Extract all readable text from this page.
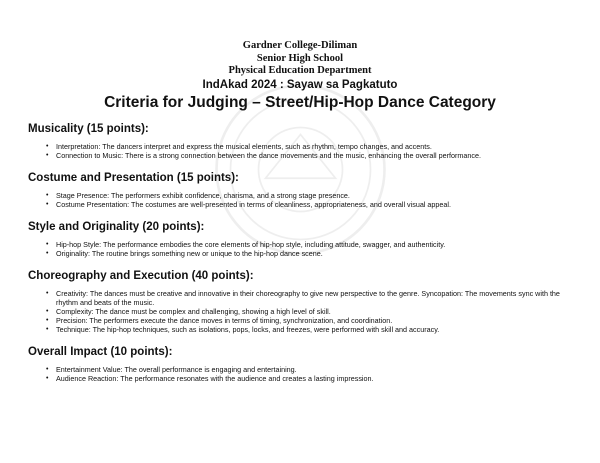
Gardner College-Diliman
Senior High School
Physical Education Department
IndAkad 2024 : Sayaw sa Pagkatuto
Criteria for Judging – Street/Hip-Hop Dance Category
Musicality (15 points):
• Interpretation: The dancers interpret and express the musical elements, such as rhythm, tempo changes, and accents.
• Connection to Music: There is a strong connection between the dance movements and the music, enhancing the overall performance.
Costume and Presentation (15 points):
• Stage Presence: The performers exhibit confidence, charisma, and a strong stage presence.
• Costume Presentation: The costumes are well-presented in terms of cleanliness, appropriateness, and overall visual appeal.
Style and Originality (20 points):
• Hip-hop Style: The performance embodies the core elements of hip-hop style, including attitude, swagger, and authenticity.
• Originality: The routine brings something new or unique to the hip-hop dance scene.
Choreography and Execution (40 points):
• Creativity: The dances must be creative and innovative in their choreography to give new perspective to the genre. Syncopation: The movements sync with the rhythm and beats of the music.
• Complexity: The dance must be complex and challenging, showing a high level of skill.
• Precision: The performers execute the dance moves in terms of timing, synchronization, and coordination.
• Technique: The hip-hop techniques, such as isolations, pops, locks, and freezes, were performed with skill and accuracy.
Overall Impact (10 points):
• Entertainment Value: The overall performance is engaging and entertaining.
• Audience Reaction: The performance resonates with the audience and creates a lasting impression.
